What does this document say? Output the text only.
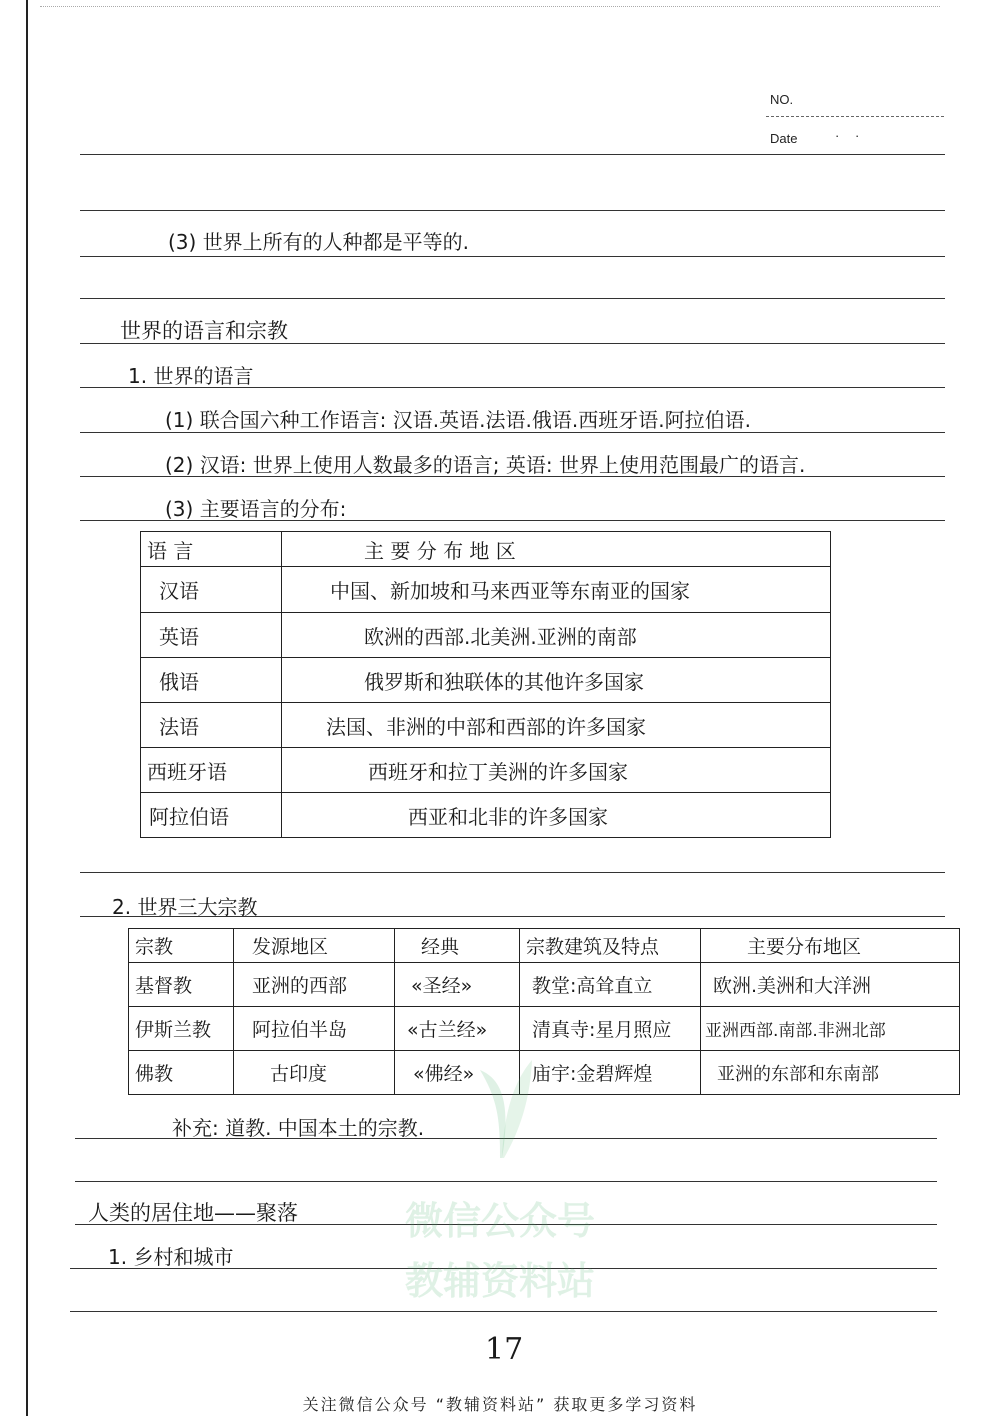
NO.
Date	· ·
(3) 世界上所有的人种都是平等的.
世界的语言和宗教
1. 世界的语言
(1) 联合国六种工作语言: 汉语.英语.法语.俄语.西班牙语.阿拉伯语.
(2) 汉语: 世界上使用人数最多的语言; 英语: 世界上使用范围最广的语言.
(3) 主要语言的分布:
语 言	主 要 分 布 地 区
汉语	中国、新加坡和马来西亚等东南亚的国家
英语	欧洲的西部.北美洲.亚洲的南部
俄语	俄罗斯和独联体的其他许多国家
法语	法国、非洲的中部和西部的许多国家
西班牙语	西班牙和拉丁美洲的许多国家
阿拉伯语	西亚和北非的许多国家
2. 世界三大宗教
宗教	发源地区	经典	宗教建筑及特点	主要分布地区
基督教	亚洲的西部	«圣经»	教堂:高耸直立	欧洲.美洲和大洋洲
伊斯兰教	阿拉伯半岛	«古兰经»	清真寺:星月照应	亚洲西部.南部.非洲北部
佛教	古印度	«佛经»	庙宇:金碧辉煌	亚洲的东部和东南部
补充: 道教. 中国本土的宗教.
人类的居住地——聚落
1. 乡村和城市
微信公众号
教辅资料站
17
关注微信公众号 “教辅资料站” 获取更多学习资料
